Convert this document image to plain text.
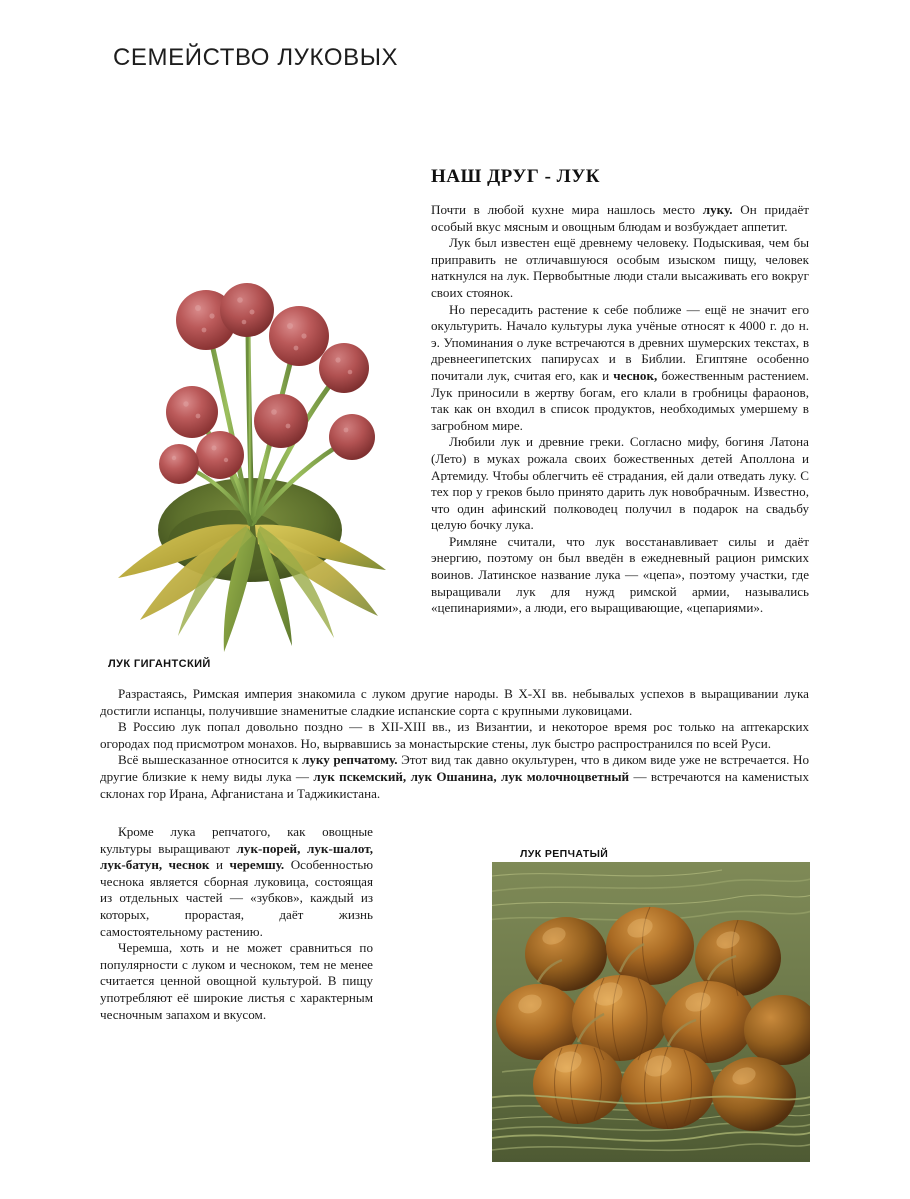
СЕМЕЙСТВО ЛУКОВЫХ
ЛУК ГИГАНТСКИЙ
НАШ ДРУГ - ЛУК

Почти в любой кухне мира нашлось место луку. Он придаёт особый вкус мясным и овощным блюдам и возбуждает аппетит.

Лук был известен ещё древнему человеку. Подыскивая, чем бы приправить не отличавшуюся особым изыском пищу, человек наткнулся на лук. Первобытные люди стали высаживать его вокруг своих стоянок.

Но пересадить растение к себе поближе — ещё не значит его окультурить. Начало культуры лука учёные относят к 4000 г. до н. э. Упоминания о луке встречаются в древних шумерских текстах, в древнеегипетских папирусах и в Библии. Египтяне особенно почитали лук, считая его, как и чеснок, божественным растением. Лук приносили в жертву богам, его клали в гробницы фараонов, так как он входил в список продуктов, необходимых умершему в загробном мире.

Любили лук и древние греки. Согласно мифу, богиня Латона (Лето) в муках рожала своих божественных детей Аполлона и Артемиду. Чтобы облегчить её страдания, ей дали отведать луку. С тех пор у греков было принято дарить лук новобрачным. Известно, что один афинский полководец получил в подарок на свадьбу целую бочку лука.

Римляне считали, что лук восстанавливает силы и даёт энергию, поэтому он был введён в ежедневный рацион римских воинов. Латинское название лука — «цепа», поэтому участки, где выращивали лук для нужд римской армии, назывались «цепинариями», а люди, его выращивающие, «цепариями».

Разрастаясь, Римская империя знакомила с луком другие народы. В X-XI вв. небывалых успехов в выращивании лука достигли испанцы, получившие знаменитые сладкие испанские сорта с крупными луковицами.

В Россию лук попал довольно поздно — в XII-XIII вв., из Византии, и некоторое время рос только на аптекарских огородах под присмотром монахов. Но, вырвавшись за монастырские стены, лук быстро распространился по всей Руси.

Всё вышесказанное относится к луку репчатому. Этот вид так давно окультурен, что в диком виде уже не встречается. Но другие близкие к нему виды лука — лук пскемский, лук Ошанина, лук молочноцветный — встречаются на каменистых склонах гор Ирана, Афганистана и Таджикистана.

Кроме лука репчатого, как овощные культуры выращивают лук-порей, лук-шалот, лук-батун, чеснок и черемшу. Особенностью чеснока является сборная луковица, состоящая из отдельных частей — «зубков», каждый из которых, прорастая, даёт жизнь самостоятельному растению.

Черемша, хоть и не может сравниться по популярности с луком и чесноком, тем не менее считается ценной овощной культурой. В пищу употребляют её широкие листья с характерным чесночным запахом и вкусом.

ЛУК РЕПЧАТЫЙ
